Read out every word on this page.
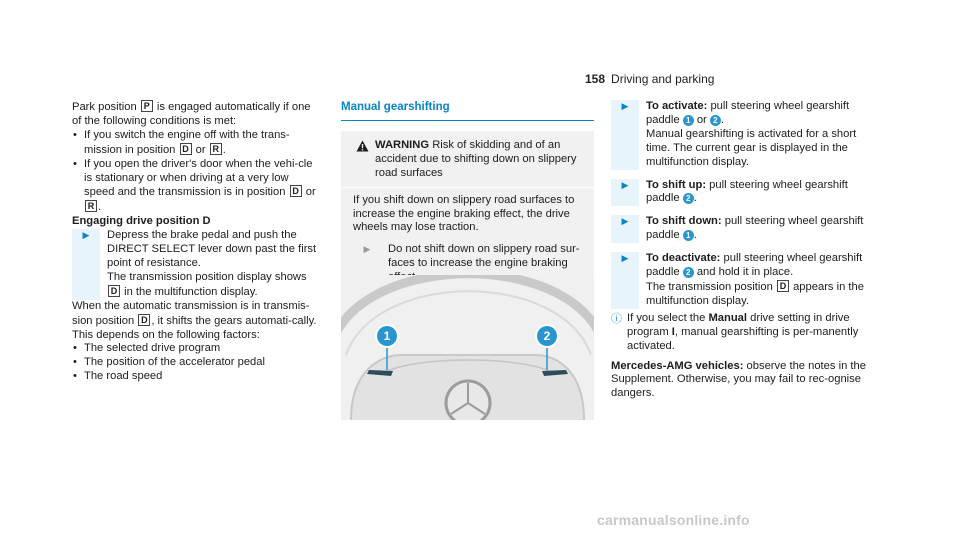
158 Driving and parking

Park position P is engaged automatically if one of the following conditions is met:

• If you switch the engine off with the trans-mission in position D or R .
• If you open the driver's door when the vehi-cle is stationary or when driving at a very low speed and the transmission is in position D or R .

Engaging drive position D

▶	Depress the brake pedal and push the DIRECT SELECT lever down past the first point of resistance.
The transmission position display shows D in the multifunction display.

When the automatic transmission is in transmis-sion position D , it shifts the gears automati-cally. This depends on the following factors:

• The selected drive program
• The position of the accelerator pedal
• The road speed
Manual gearshifting
WARNING Risk of skidding and of an accident due to shifting down on slippery road surfaces

If you shift down on slippery road surfaces to increase the engine braking effect, the drive wheels may lose traction.

▶	Do not shift down on slippery road sur-faces to increase the engine braking
1	2
▶	To activate: pull steering wheel gearshift paddle 1 or 2 .
Manual gearshifting is activated for a short time. The current gear is displayed in the multifunction display.
▶	To shift up: pull steering wheel gearshift paddle 2 .
▶	To shift down: pull steering wheel gearshift paddle 1 .
▶	To deactivate: pull steering wheel gearshift paddle 2 and hold it in place.
The transmission position D appears in the multifunction display.
ⓘ If you select the Manual drive setting in drive program I, manual gearshifting is per-manently activated.

Mercedes-AMG vehicles: observe the notes in the Supplement. Otherwise, you may fail to rec-ognise dangers.

carmanualsonline.info
